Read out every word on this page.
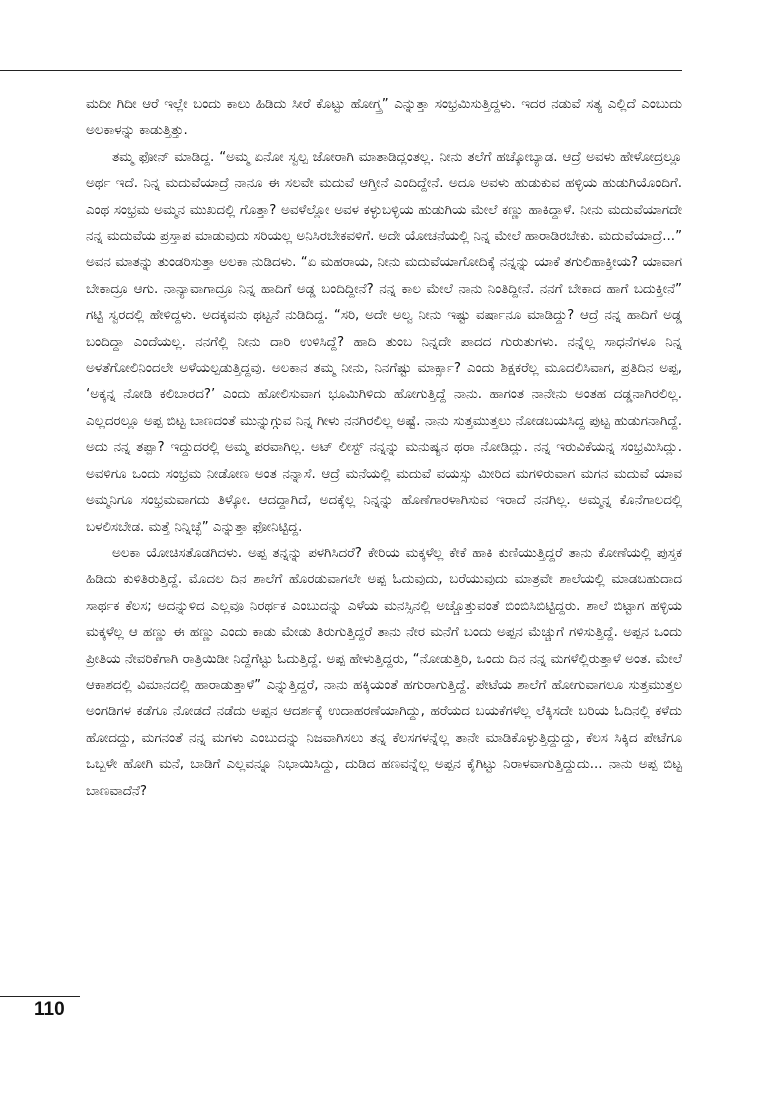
ಮದೀ ಗಿದೀ ಆರೆ ಇಲ್ಲೇ ಬಂದು ಕಾಲು ಹಿಡಿದು ಸೀರೆ ಕೊಟ್ಟು ಹೋಗ್ತ್ರ” ಎನ್ನುತ್ತಾ ಸಂಭ್ರಮಿಸುತ್ತಿದ್ದಳು. ಇದರ ನಡುವೆ ಸತ್ಯ ಎಲ್ಲಿದೆ ಎಂಬುದು ಅಲಕಾಳನ್ನು ಕಾಡುತ್ತಿತ್ತು.

ತಮ್ಮ ಫೋನ್ ಮಾಡಿದ್ದ. “ಅಮ್ಮ ಏನೋ ಸ್ವಲ್ಪ ಜೋರಾಗಿ ಮಾತಾಡಿದ್ಲಂತಲ್ಲ. ನೀನು ತಲೆಗೆ ಹಚ್ಕೋಬ್ಯಾಡ. ಆದ್ರೆ ಅವಳು ಹೇಳೋದ್ರಲ್ಲೂ ಅರ್ಥ ಇದೆ. ನಿನ್ನ ಮದುವೆಯಾದ್ರೆ ನಾನೂ ಈ ಸಲವೇ ಮದುವೆ ಆಗ್ತೀನೆ ಎಂದಿದ್ದೇನೆ. ಅದೂ ಅವಳು ಹುಡುಕುವ ಹಳ್ಳಿಯ ಹುಡುಗಿಯೊಂದಿಗೆ. ಎಂಥ ಸಂಭ್ರಮ ಅಮ್ಮನ ಮುಖದಲ್ಲಿ ಗೊತ್ತಾ? ಅವಳೆಲ್ಲೋ ಅವಳ ಕಳ್ಳುಬಳ್ಳಿಯ ಹುಡುಗಿಯ ಮೇಲೆ ಕಣ್ಣು ಹಾಕಿದ್ದಾಳೆ. ನೀನು ಮದುವೆಯಾಗದೇ ನನ್ನ ಮದುವೆಯ ಪ್ರಸ್ತಾಪ ಮಾಡುವುದು ಸರಿಯಲ್ಲ ಅನಿಸಿರಬೇಕವಳಿಗೆ. ಅದೇ ಯೋಚನೆಯಲ್ಲಿ ನಿನ್ನ ಮೇಲೆ ಹಾರಾಡಿರಬೇಕು. ಮದುವೆಯಾದ್ರೆ...” ಅವನ ಮಾತನ್ನು ತುಂಡರಿಸುತ್ತಾ ಅಲಕಾ ನುಡಿದಳು. “ಏ ಮಹರಾಯ, ನೀನು ಮದುವೆಯಾಗೋದಿಕ್ಕೆ ನನ್ನನ್ನು ಯಾಕೆ ತಗುಲಿಹಾಕ್ತೀಯ? ಯಾವಾಗ ಬೇಕಾದ್ರೂ ಆಗು. ನಾನ್ಯಾವಾಗಾದ್ರೂ ನಿನ್ನ ಹಾದಿಗೆ ಅಡ್ಡ ಬಂದಿದ್ದೀನೆ? ನನ್ನ ಕಾಲ ಮೇಲೆ ನಾನು ನಿಂತಿದ್ದೀನೆ. ನನಗೆ ಬೇಕಾದ ಹಾಗೆ ಬದುಕ್ತೀನೆ” ಗಟ್ಟಿ ಸ್ವರದಲ್ಲಿ ಹೇಳಿದ್ದಳು. ಅದಕ್ಕವನು ಥಟ್ಟನೆ ನುಡಿದಿದ್ದ. “ಸರಿ, ಅದೇ ಅಲ್ವ ನೀನು ಇಷ್ಟು ವರ್ಷಾನೂ ಮಾಡಿದ್ದು? ಆದ್ರೆ ನನ್ನ ಹಾದಿಗೆ ಅಡ್ಡ ಬಂದಿದ್ದಾ ಎಂದೆಯಲ್ಲ. ನನಗೆಲ್ಲಿ ನೀನು ದಾರಿ ಉಳಿಸಿದ್ದೆ? ಹಾದಿ ತುಂಬ ನಿನ್ನದೇ ಪಾದದ ಗುರುತುಗಳು. ನನ್ನೆಲ್ಲ ಸಾಧನೆಗಳೂ ನಿನ್ನ ಅಳತೆಗೋಲಿನಿಂದಲೇ ಅಳೆಯಲ್ಪಡುತ್ತಿದ್ದವು. ಅಲಕಾನ ತಮ್ಮ ನೀನು, ನಿನಗೆಷ್ಟು ಮಾರ್ಕ್ಸಾ? ಎಂದು ಶಿಕ್ಷಕರೆಲ್ಲ ಮೂದಲಿಸಿವಾಗ, ಪ್ರತಿದಿನ ಅಪ್ಪ, ‘ಅಕ್ಕನ್ನ ನೋಡಿ ಕಲಿಬಾರದ?’ ಎಂದು ಹೋಲಿಸುವಾಗ ಭೂಮಿಗಿಳಿದು ಹೋಗುತ್ತಿದ್ದೆ ನಾನು. ಹಾಗಂತ ನಾನೇನು ಅಂತಹ ದಡ್ಡನಾಗಿರಲಿಲ್ಲ. ಎಲ್ಲದರಲ್ಲೂ ಅಪ್ಪ ಬಿಟ್ಟ ಬಾಣದಂತೆ ಮುನ್ನುಗ್ಗುವ ನಿನ್ನ ಗೀಳು ನನಗಿರಲಿಲ್ಲ ಅಷ್ಟೆ. ನಾನು ಸುತ್ತಮುತ್ತಲು ನೋಡಬಯಸಿದ್ದ ಪುಟ್ಟ ಹುಡುಗನಾಗಿದ್ದೆ. ಅದು ನನ್ನ ತಪ್ಪಾ? ಇದ್ದುದರಲ್ಲಿ ಅಮ್ಮ ಪರವಾಗಿಲ್ಲ. ಅಟ್ ಲೀಸ್ಟ್ ನನ್ನನ್ನು ಮನುಷ್ಯನ ಥರಾ ನೋಡಿದ್ಲು. ನನ್ನ ಇರುವಿಕೆಯನ್ನ ಸಂಭ್ರಮಿಸಿದ್ಲು. ಅವಳಿಗೂ ಒಂದು ಸಂಭ್ರಮ ನೀಡೋಣ ಅಂತ ನನ್ನಾಸೆ. ಆದ್ರೆ ಮನೆಯಲ್ಲಿ ಮದುವೆ ವಯಸ್ಸು ಮೀರಿದ ಮಗಳಿರುವಾಗ ಮಗನ ಮದುವೆ ಯಾವ ಅಮ್ಮನಿಗೂ ಸಂಭ್ರಮವಾಗದು ತಿಳ್ಕೋ. ಆದದ್ದಾಗಿದೆ, ಅದಕ್ಕೆಲ್ಲ ನಿನ್ನನ್ನು ಹೊಣೆಗಾರಳಾಗಿಸುವ ಇರಾದೆ ನನಗಿಲ್ಲ. ಅಮ್ಮನ್ನ ಕೊನೆಗಾಲದಲ್ಲಿ ಬಳಲಿಸಬೇಡ. ಮತ್ತೆ ನಿನ್ನಿಚ್ಛೆ” ಎನ್ನುತ್ತಾ ಫೋನಿಟ್ಟಿದ್ದ.

ಅಲಕಾ ಯೋಚಿಸತೊಡಗಿದಳು. ಅಪ್ಪ ತನ್ನನ್ನು ಪಳಗಿಸಿದರೆ? ಕೇರಿಯ ಮಕ್ಕಳೆಲ್ಲ ಕೇಕೆ ಹಾಕಿ ಕುಣಿಯುತ್ತಿದ್ದರೆ ತಾನು ಕೋಣೆಯಲ್ಲಿ ಪುಸ್ತಕ ಹಿಡಿದು ಕುಳಿತಿರುತ್ತಿದ್ದೆ. ಮೊದಲ ದಿನ ಶಾಲೆಗೆ ಹೊರಡುವಾಗಲೇ ಅಪ್ಪ ಓದುವುದು, ಬರೆಯುವುದು ಮಾತ್ರವೇ ಶಾಲೆಯಲ್ಲಿ ಮಾಡಬಹುದಾದ ಸಾರ್ಥಕ ಕೆಲಸ; ಅದನ್ನುಳಿದ ಎಲ್ಲವೂ ನಿರರ್ಥಕ ಎಂಬುದನ್ನು ಎಳೆಯ ಮನಸ್ಸಿನಲ್ಲಿ ಅಚ್ಚೊತ್ತುವಂತೆ ಬಿಂಬಿಸಿಬಿಟ್ಟಿದ್ದರು. ಶಾಲೆ ಬಿಟ್ಟಾಗ ಹಳ್ಳಿಯ ಮಕ್ಕಳೆಲ್ಲ ಆ ಹಣ್ಣು ಈ ಹಣ್ಣು ಎಂದು ಕಾಡು ಮೇಡು ತಿರುಗುತ್ತಿದ್ದರೆ ತಾನು ನೇರ ಮನೆಗೆ ಬಂದು ಅಪ್ಪನ ಮೆಚ್ಚುಗೆ ಗಳಿಸುತ್ತಿದ್ದೆ. ಅಪ್ಪನ ಒಂದು ಪ್ರೀತಿಯ ನೇವರಿಕೆಗಾಗಿ ರಾತ್ರಿಯಿಡೀ ನಿದ್ದೆಗೆಟ್ಟು ಓದುತ್ತಿದ್ದೆ. ಅಪ್ಪ ಹೇಳುತ್ತಿದ್ದರು, “ನೋಡುತ್ತಿರಿ, ಒಂದು ದಿನ ನನ್ನ ಮಗಳೆಲ್ಲಿರುತ್ತಾಳೆ ಅಂತ. ಮೇಲೆ ಆಕಾಶದಲ್ಲಿ ವಿಮಾನದಲ್ಲಿ ಹಾರಾಡುತ್ತಾಳೆ” ಎನ್ನುತ್ತಿದ್ದರೆ, ನಾನು ಹಕ್ಕಿಯಂತೆ ಹಗುರಾಗುತ್ತಿದ್ದೆ. ಪೇಟೆಯ ಶಾಲೆಗೆ ಹೋಗುವಾಗಲೂ ಸುತ್ತಮುತ್ತಲ ಅಂಗಡಿಗಳ ಕಡೆಗೂ ನೋಡದೆ ನಡೆದು ಅಪ್ಪನ ಆದರ್ಶಕ್ಕೆ ಉದಾಹರಣೆಯಾಗಿದ್ದು, ಹರೆಯದ ಬಯಕೆಗಳೆಲ್ಲ ಲೆಕ್ಕಿಸದೇ ಬರಿಯ ಓದಿನಲ್ಲಿ ಕಳೆದು ಹೋದದ್ದು, ಮಗನಂತೆ ನನ್ನ ಮಗಳು ಎಂಬುದನ್ನು ನಿಜವಾಗಿಸಲು ತನ್ನ ಕೆಲಸಗಳನ್ನೆಲ್ಲ ತಾನೇ ಮಾಡಿಕೊಳ್ಳುತ್ತಿದ್ದುದ್ದು, ಕೆಲಸ ಸಿಕ್ಕಿದ ಪೇಟೆಗೂ ಒಬ್ಬಳೇ ಹೋಗಿ ಮನೆ, ಬಾಡಿಗೆ ಎಲ್ಲವನ್ನೂ ನಿಭಾಯಿಸಿದ್ದು, ದುಡಿದ ಹಣವನ್ನೆಲ್ಲ ಅಪ್ಪನ ಕೈಗಿಟ್ಟು ನಿರಾಳವಾಗುತ್ತಿದ್ದುದು... ನಾನು ಅಪ್ಪ ಬಿಟ್ಟ ಬಾಣವಾದೆನೆ?

110
